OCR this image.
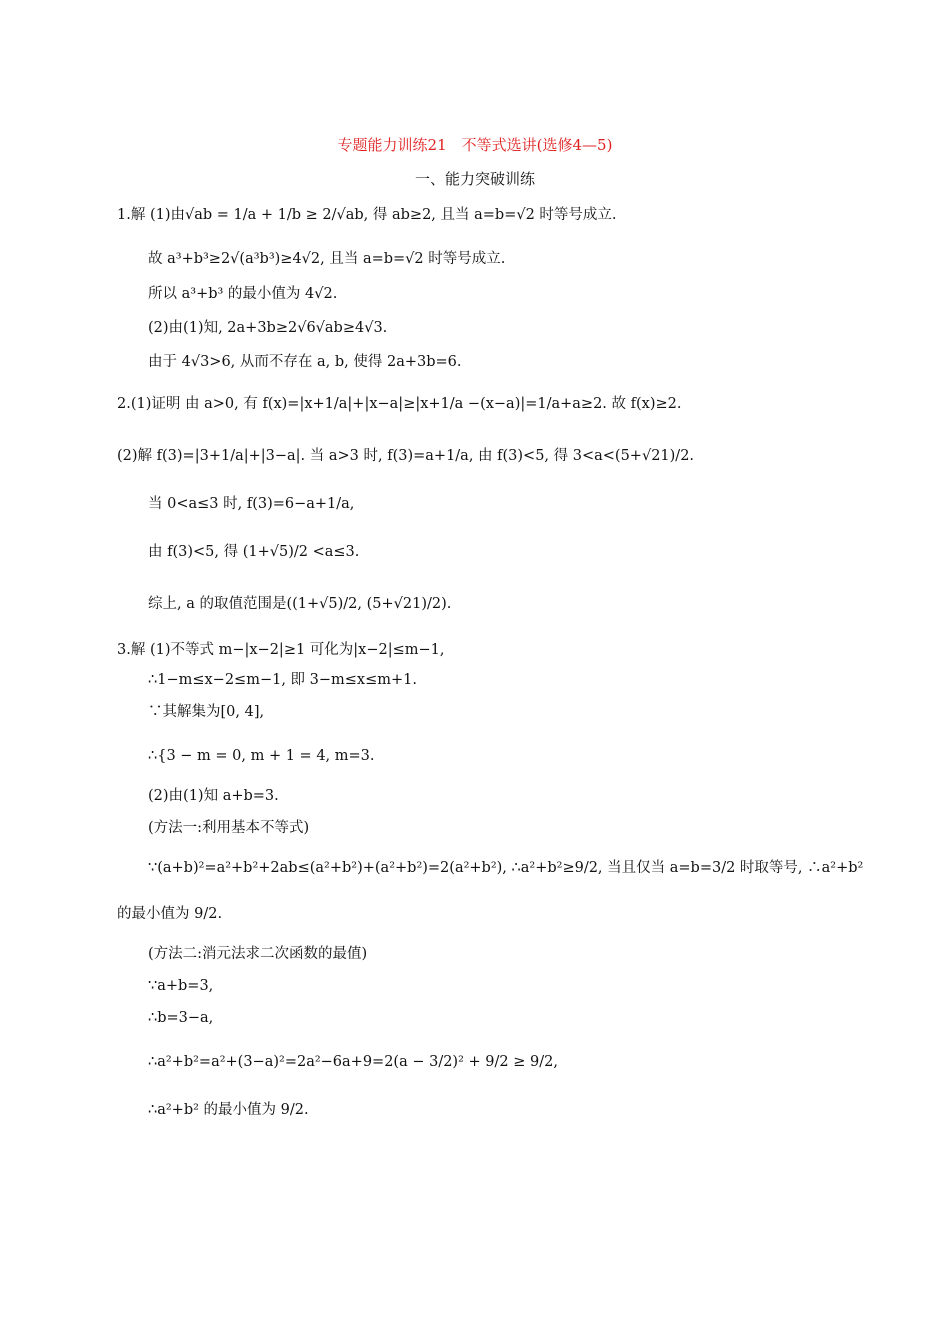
专题能力训练21　不等式选讲(选修4—5)
一、能力突破训练
1.解 (1)由√ab = 1/a + 1/b ≥ 2/√ab, 得 ab≥2, 且当 a=b=√2 时等号成立.
故 a³+b³≥2√(a³b³)≥4√2, 且当 a=b=√2 时等号成立.
所以 a³+b³ 的最小值为 4√2.
(2)由(1)知, 2a+3b≥2√6√ab≥4√3.
由于 4√3>6, 从而不存在 a, b, 使得 2a+3b=6.
2.(1)证明 由 a>0, 有 f(x)=|x+1/a|+|x−a|≥|x+1/a −(x−a)|=1/a+a≥2. 故 f(x)≥2.
(2)解 f(3)=|3+1/a|+|3−a|. 当 a>3 时, f(3)=a+1/a, 由 f(3)<5, 得 3<a<(5+√21)/2.
当 0<a≤3 时, f(3)=6−a+1/a,
由 f(3)<5, 得 (1+√5)/2 <a≤3.
综上, a 的取值范围是((1+√5)/2, (5+√21)/2).
3.解 (1)不等式 m−|x−2|≥1 可化为|x−2|≤m−1,
∴1−m≤x−2≤m−1, 即 3−m≤x≤m+1.
∵其解集为[0, 4],
∴{3 − m = 0, m + 1 = 4, m=3.
(2)由(1)知 a+b=3.
(方法一:利用基本不等式)
∵(a+b)²=a²+b²+2ab≤(a²+b²)+(a²+b²)=2(a²+b²), ∴a²+b²≥9/2, 当且仅当 a=b=3/2 时取等号, ∴a²+b²
的最小值为 9/2.
(方法二:消元法求二次函数的最值)
∵a+b=3,
∴b=3−a,
∴a²+b²=a²+(3−a)²=2a²−6a+9=2(a − 3/2)² + 9/2 ≥ 9/2,
∴a²+b² 的最小值为 9/2.
